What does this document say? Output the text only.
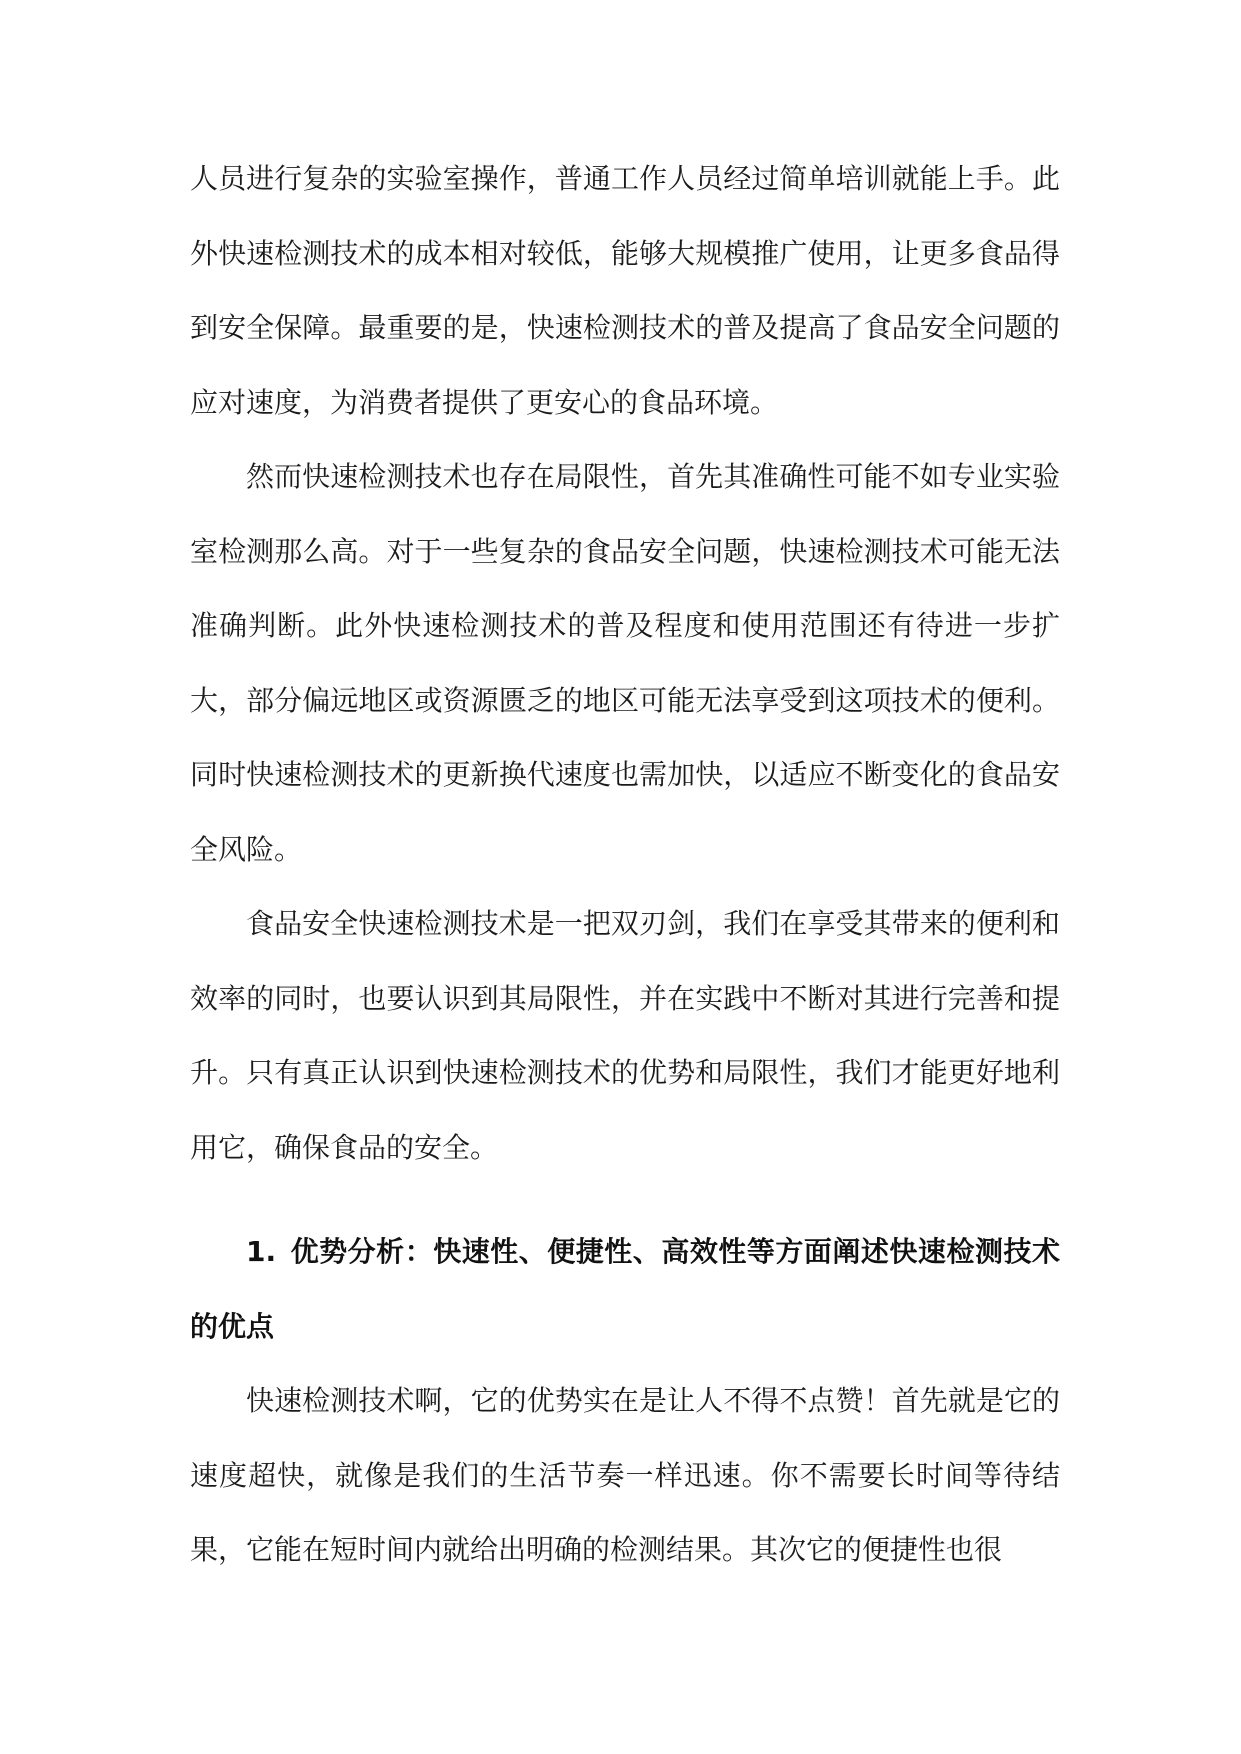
人员进行复杂的实验室操作，普通工作人员经过简单培训就能上手。此外快速检测技术的成本相对较低，能够大规模推广使用，让更多食品得到安全保障。最重要的是，快速检测技术的普及提高了食品安全问题的应对速度，为消费者提供了更安心的食品环境。

然而快速检测技术也存在局限性，首先其准确性可能不如专业实验室检测那么高。对于一些复杂的食品安全问题，快速检测技术可能无法准确判断。此外快速检测技术的普及程度和使用范围还有待进一步扩大，部分偏远地区或资源匮乏的地区可能无法享受到这项技术的便利。同时快速检测技术的更新换代速度也需加快，以适应不断变化的食品安全风险。

食品安全快速检测技术是一把双刃剑，我们在享受其带来的便利和效率的同时，也要认识到其局限性，并在实践中不断对其进行完善和提升。只有真正认识到快速检测技术的优势和局限性，我们才能更好地利用它，确保食品的安全。

1. 优势分析：快速性、便捷性、高效性等方面阐述快速检测技术的优点

快速检测技术啊，它的优势实在是让人不得不点赞！首先就是它的速度超快，就像是我们的生活节奏一样迅速。你不需要长时间等待结果，它能在短时间内就给出明确的检测结果。其次它的便捷性也很
